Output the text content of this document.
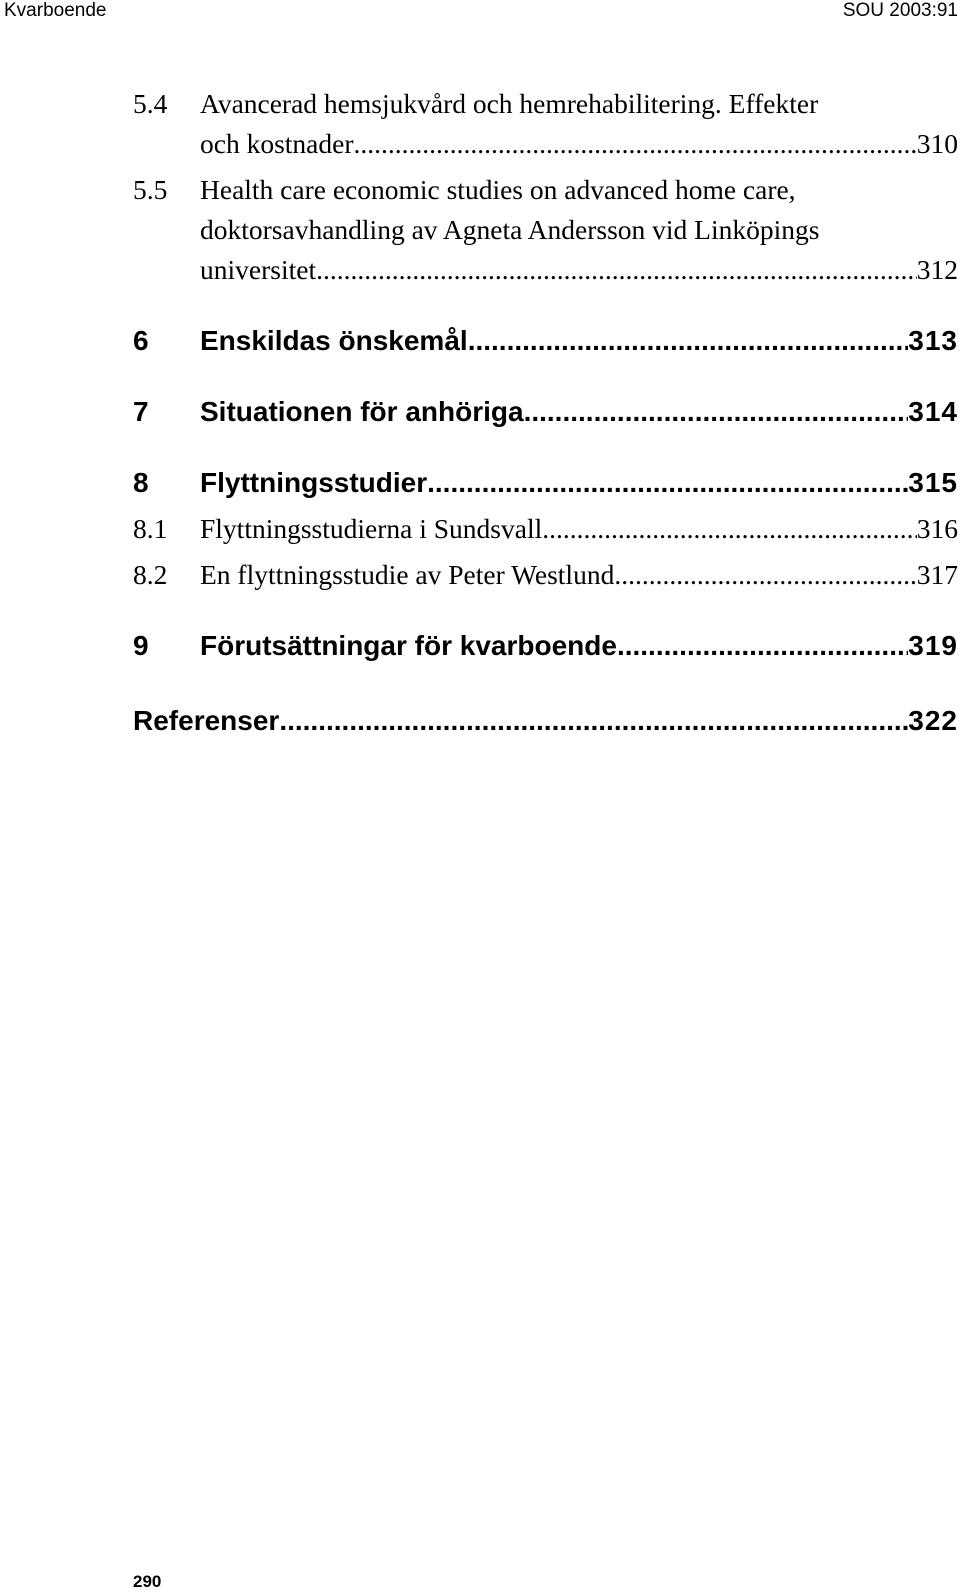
Kvarboende	SOU 2003:91
5.4	Avancerad hemsjukvård och hemrehabilitering. Effekter
och kostnader .....	310
5.5	Health care economic studies on advanced home care,
doktorsavhandling av Agneta Andersson vid Linköpings
universitet .....	312
6	Enskildas önskemål .....	313
7	Situationen för anhöriga .....	314
8	Flyttningsstudier .....	315
8.1	Flyttningsstudierna i Sundsvall .....	316
8.2	En flyttningsstudie av Peter Westlund .....	317
9	Förutsättningar för kvarboende .....	319
Referenser .....	322
290
